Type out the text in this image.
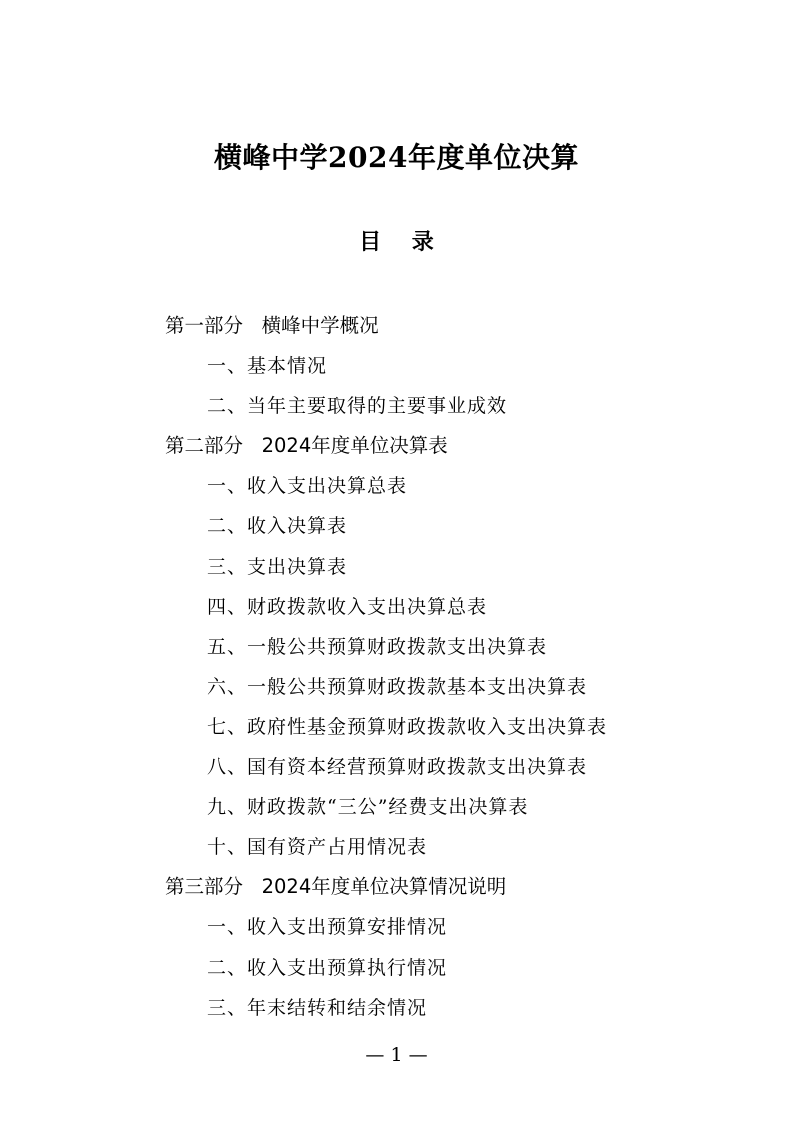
横峰中学2024年度单位决算
目    录
第一部分   横峰中学概况
一、基本情况
二、当年主要取得的主要事业成效
第二部分   2024年度单位决算表
一、收入支出决算总表
二、收入决算表
三、支出决算表
四、财政拨款收入支出决算总表
五、一般公共预算财政拨款支出决算表
六、一般公共预算财政拨款基本支出决算表
七、政府性基金预算财政拨款收入支出决算表
八、国有资本经营预算财政拨款支出决算表
九、财政拨款“三公”经费支出决算表
十、国有资产占用情况表
第三部分   2024年度单位决算情况说明
一、收入支出预算安排情况
二、收入支出预算执行情况
三、年末结转和结余情况
— 1 —
